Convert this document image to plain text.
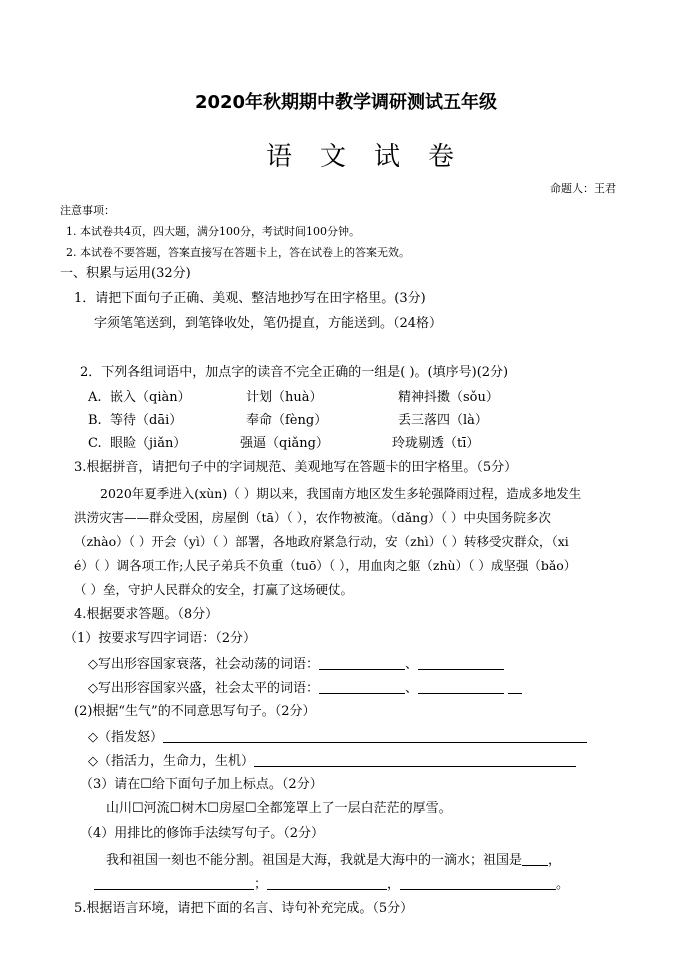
2020年秋期期中教学调研测试五年级
语文试卷
命题人：王君
注意事项：
1. 本试卷共4页，四大题，满分100分，考试时间100分钟。
2. 本试卷不要答题，答案直接写在答题卡上，答在试卷上的答案无效。
一、积累与运用(32分)
1．请把下面句子正确、美观、整洁地抄写在田字格里。(3分)
字须笔笔送到，到笔锋收处，笔仍提直，方能送到。（24格）
2．下列各组词语中，加点字的读音不完全正确的一组是( )。(填序号)(2分)
A. 嵌入（qiàn）	计划（huà）	精神抖擞（sǒu）
B. 等待（dāi）	奉命（fèng）	丢三落四（là）
C. 眼睑（jiǎn）	强逼（qiǎng）	玲珑剔透（tī）
3.根据拼音，请把句子中的字词规范、美观地写在答题卡的田字格里。（5分）
2020年夏季进入(xùn)（ ）期以来，我国南方地区发生多轮强降雨过程，造成多地发生
洪涝灾害——群众受困，房屋倒（tā）（ ），农作物被淹。（dǎng）（ ）中央国务院多次
（zhào）（ ）开会（yì）（ ）部署，各地政府紧急行动，安（zhì）（ ）转移受灾群众，（xi
é）（ ）调各项工作;人民子弟兵不负重（tuō）（ ），用血肉之躯（zhù）（ ）成坚强（bǎo）
（ ）垒，守护人民群众的安全，打赢了这场硬仗。
4.根据要求答题。（8分）
（1）按要求写四字词语：（2分）
◇写出形容国家衰落，社会动荡的词语：	、
◇写出形容国家兴盛，社会太平的词语：	、
(2)根据“生气”的不同意思写句子。（2分）
◇（指发怒）
◇（指活力，生命力，生机）
（3）请在☐给下面句子加上标点。（2分）
山川☐河流☐树木☐房屋☐全都笼罩上了一层白茫茫的厚雪。
（4）用排比的修饰手法续写句子。（2分）
我和祖国一刻也不能分割。祖国是大海，我就是大海中的一滴水；祖国是 ，
；	，	。
5.根据语言环境，请把下面的名言、诗句补充完成。（5分）
